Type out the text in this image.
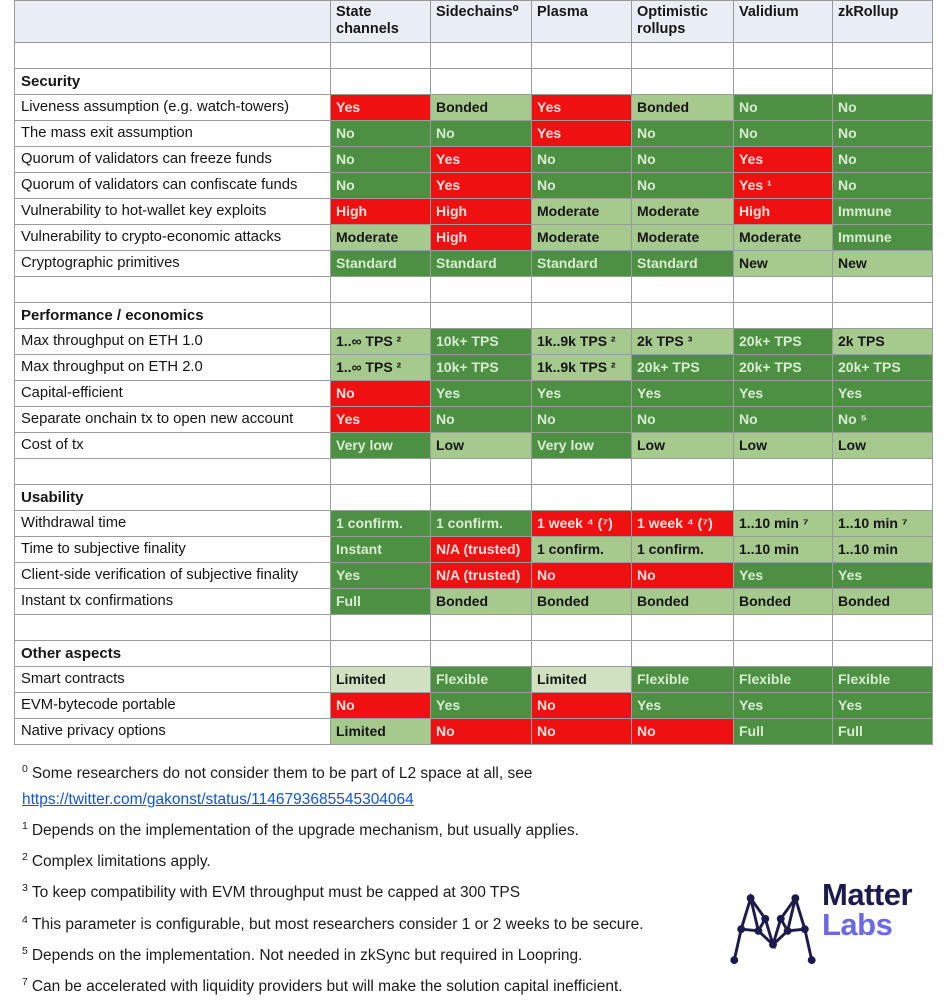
	State channels	Sidechains⁰	Plasma	Optimistic rollups	Validium	zkRollup

Security						
Liveness assumption (e.g. watch-towers)	Yes	Bonded	Yes	Bonded	No	No
The mass exit assumption	No	No	Yes	No	No	No
Quorum of validators can freeze funds	No	Yes	No	No	Yes	No
Quorum of validators can confiscate funds	No	Yes	No	No	Yes ¹	No
Vulnerability to hot-wallet key exploits	High	High	Moderate	Moderate	High	Immune
Vulnerability to crypto-economic attacks	Moderate	High	Moderate	Moderate	Moderate	Immune
Cryptographic primitives	Standard	Standard	Standard	Standard	New	New

Performance / economics						
Max throughput on ETH 1.0	1..∞ TPS ²	10k+ TPS	1k..9k TPS ²	2k TPS ³	20k+ TPS	2k TPS
Max throughput on ETH 2.0	1..∞ TPS ²	10k+ TPS	1k..9k TPS ²	20k+ TPS	20k+ TPS	20k+ TPS
Capital-efficient	No	Yes	Yes	Yes	Yes	Yes
Separate onchain tx to open new account	Yes	No	No	No	No	No ⁵
Cost of tx	Very low	Low	Very low	Low	Low	Low

Usability						
Withdrawal time	1 confirm.	1 confirm.	1 week ⁴ (⁷)	1 week ⁴ (⁷)	1..10 min ⁷	1..10 min ⁷
Time to subjective finality	Instant	N/A (trusted)	1 confirm.	1 confirm.	1..10 min	1..10 min
Client-side verification of subjective finality	Yes	N/A (trusted)	No	No	Yes	Yes
Instant tx confirmations	Full	Bonded	Bonded	Bonded	Bonded	Bonded

Other aspects						
Smart contracts	Limited	Flexible	Limited	Flexible	Flexible	Flexible
EVM-bytecode portable	No	Yes	No	Yes	Yes	Yes
Native privacy options	Limited	No	No	No	Full	Full
$^0$ Some researchers do not consider them to be part of L2 space at all, see
https://twitter.com/gakonst/status/1146793685545304064
$^1$ Depends on the implementation of the upgrade mechanism, but usually applies.
$^2$ Complex limitations apply.
$^3$ To keep compatibility with EVM throughput must be capped at 300 TPS
$^4$ This parameter is configurable, but most researchers consider 1 or 2 weeks to be secure.
$^5$ Depends on the implementation. Not needed in zkSync but required in Loopring.
$^7$ Can be accelerated with liquidity providers but will make the solution capital inefficient.
Matter
Labs
